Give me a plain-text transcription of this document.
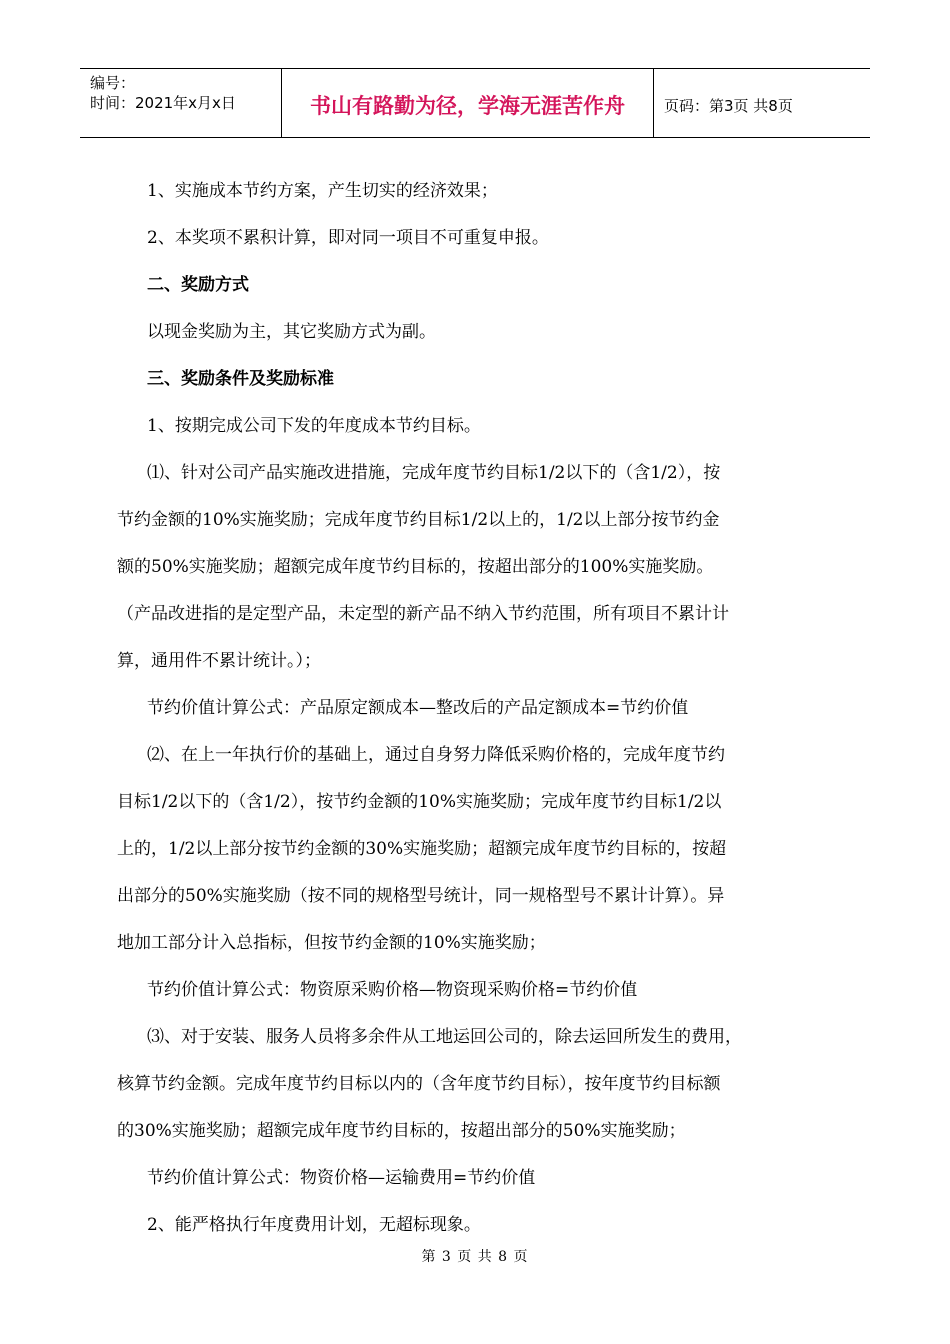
编号：
时间：2021年x月x日	书山有路勤为径，学海无涯苦作舟	页码：第3页 共8页
1、实施成本节约方案，产生切实的经济效果；
2、本奖项不累积计算，即对同一项目不可重复申报。
二、奖励方式
以现金奖励为主，其它奖励方式为副。
三、奖励条件及奖励标准
1、按期完成公司下发的年度成本节约目标。
⑴、针对公司产品实施改进措施，完成年度节约目标1/2以下的（含1/2），按
节约金额的10%实施奖励；完成年度节约目标1/2以上的，1/2以上部分按节约金
额的50%实施奖励；超额完成年度节约目标的，按超出部分的100%实施奖励。
（产品改进指的是定型产品，未定型的新产品不纳入节约范围，所有项目不累计计
算，通用件不累计统计。）；
节约价值计算公式：产品原定额成本—整改后的产品定额成本=节约价值
⑵、在上一年执行价的基础上，通过自身努力降低采购价格的，完成年度节约
目标1/2以下的（含1/2），按节约金额的10%实施奖励；完成年度节约目标1/2以
上的，1/2以上部分按节约金额的30%实施奖励；超额完成年度节约目标的，按超
出部分的50%实施奖励（按不同的规格型号统计，同一规格型号不累计计算）。异
地加工部分计入总指标，但按节约金额的10%实施奖励；
节约价值计算公式：物资原采购价格—物资现采购价格=节约价值
⑶、对于安装、服务人员将多余件从工地运回公司的，除去运回所发生的费用，
核算节约金额。完成年度节约目标以内的（含年度节约目标），按年度节约目标额
的30%实施奖励；超额完成年度节约目标的，按超出部分的50%实施奖励；
节约价值计算公式：物资价格—运输费用=节约价值
2、能严格执行年度费用计划，无超标现象。
第 3 页 共 8 页
